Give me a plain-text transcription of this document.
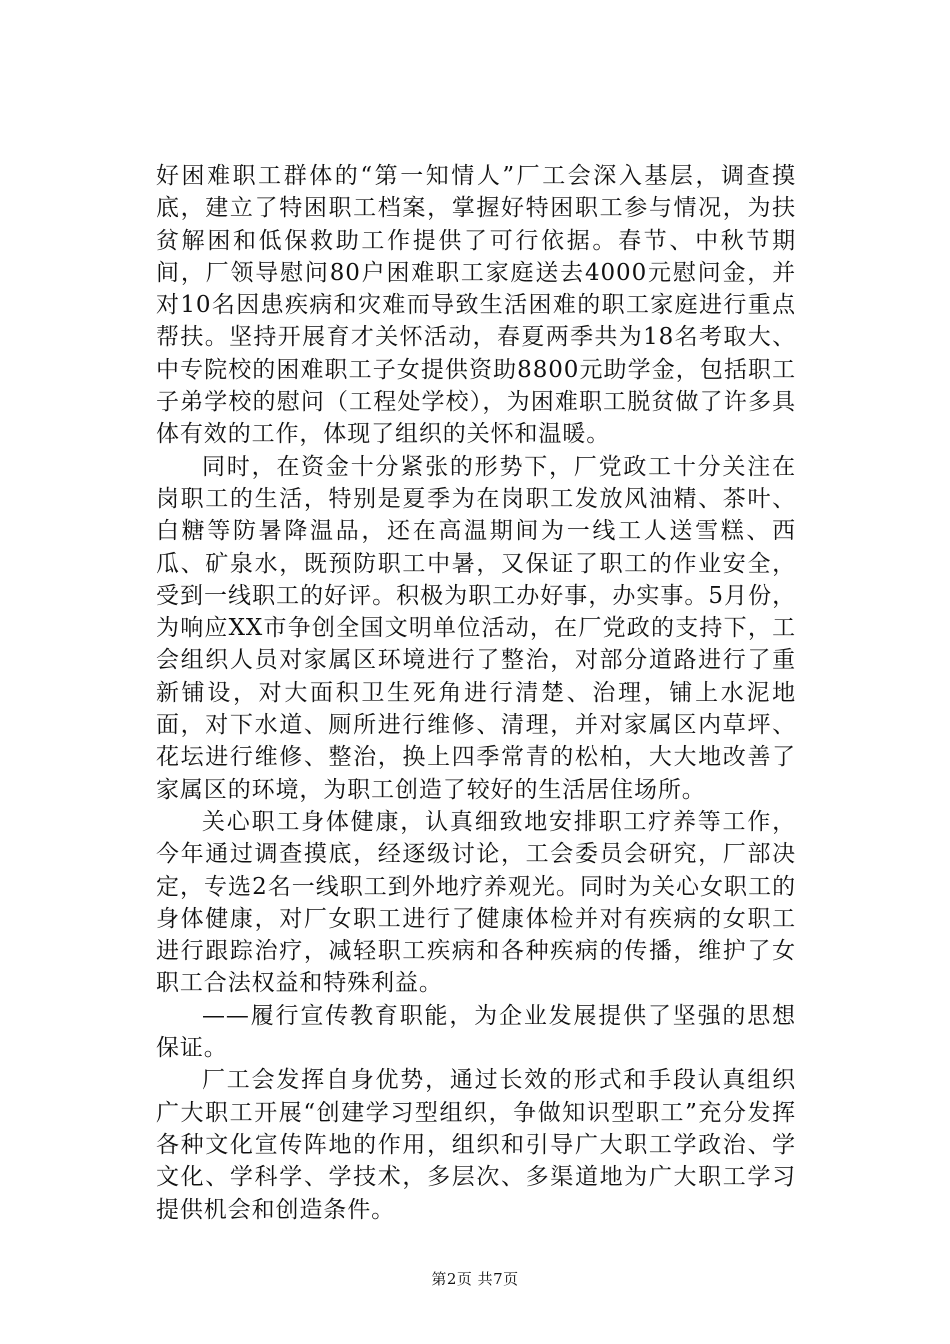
好困难职工群体的“第一知情人”厂工会深入基层，调查摸底，建立了特困职工档案，掌握好特困职工参与情况，为扶贫解困和低保救助工作提供了可行依据。春节、中秋节期间，厂领导慰问80户困难职工家庭送去4000元慰问金，并对10名因患疾病和灾难而导致生活困难的职工家庭进行重点帮扶。坚持开展育才关怀活动，春夏两季共为18名考取大、中专院校的困难职工子女提供资助8800元助学金，包括职工子弟学校的慰问（工程处学校），为困难职工脱贫做了许多具体有效的工作，体现了组织的关怀和温暖。

同时，在资金十分紧张的形势下，厂党政工十分关注在岗职工的生活，特别是夏季为在岗职工发放风油精、茶叶、白糖等防暑降温品，还在高温期间为一线工人送雪糕、西瓜、矿泉水，既预防职工中暑，又保证了职工的作业安全，受到一线职工的好评。积极为职工办好事，办实事。5月份，为响应XX市争创全国文明单位活动，在厂党政的支持下，工会组织人员对家属区环境进行了整治，对部分道路进行了重新铺设，对大面积卫生死角进行清楚、治理，铺上水泥地面，对下水道、厕所进行维修、清理，并对家属区内草坪、花坛进行维修、整治，换上四季常青的松柏，大大地改善了家属区的环境，为职工创造了较好的生活居住场所。

关心职工身体健康，认真细致地安排职工疗养等工作，今年通过调查摸底，经逐级讨论，工会委员会研究，厂部决定，专选2名一线职工到外地疗养观光。同时为关心女职工的身体健康，对厂女职工进行了健康体检并对有疾病的女职工进行跟踪治疗，减轻职工疾病和各种疾病的传播，维护了女职工合法权益和特殊利益。

——履行宣传教育职能，为企业发展提供了坚强的思想保证。

厂工会发挥自身优势，通过长效的形式和手段认真组织广大职工开展“创建学习型组织，争做知识型职工”充分发挥各种文化宣传阵地的作用，组织和引导广大职工学政治、学文化、学科学、学技术，多层次、多渠道地为广大职工学习提供机会和创造条件。

第2页 共7页
